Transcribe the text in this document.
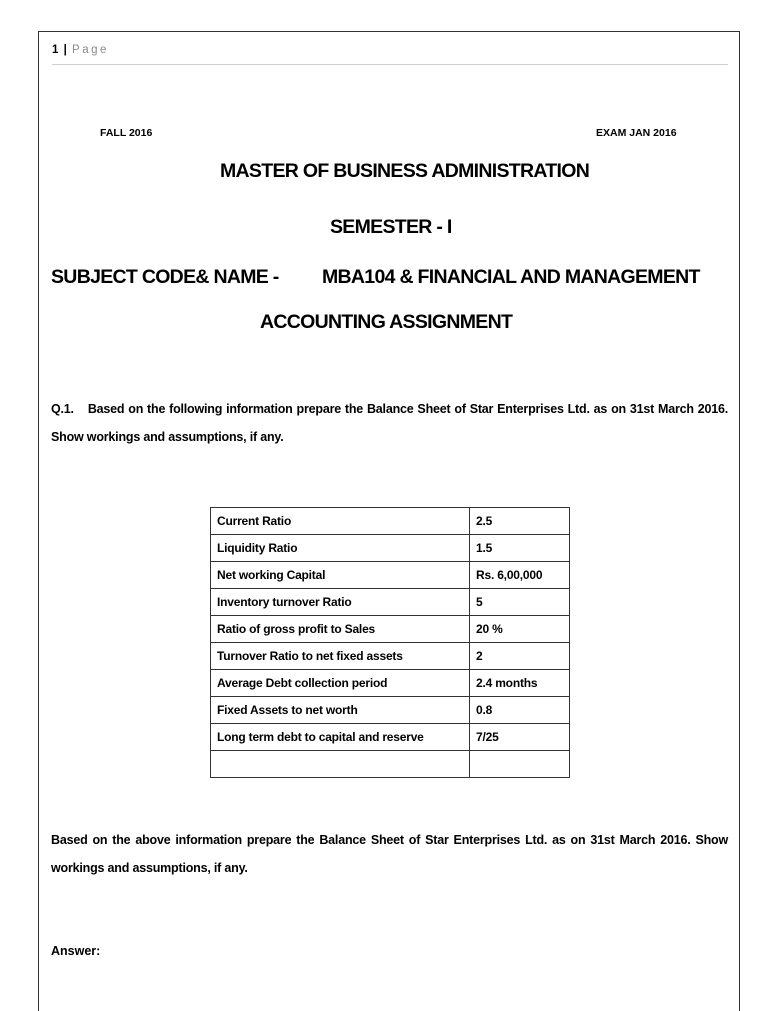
1 | Page
FALL 2016	EXAM JAN 2016
MASTER OF BUSINESS ADMINISTRATION
SEMESTER - I
SUBJECT CODE& NAME - MBA104 & FINANCIAL AND MANAGEMENT
ACCOUNTING ASSIGNMENT
Q.1. Based on the following information prepare the Balance Sheet of Star Enterprises Ltd. as on 31st March 2016. Show workings and assumptions, if any.
Current Ratio	2.5
Liquidity Ratio	1.5
Net working Capital	Rs. 6,00,000
Inventory turnover Ratio	5
Ratio of gross profit to Sales	20 %
Turnover Ratio to net fixed assets	2
Average Debt collection period	2.4 months
Fixed Assets to net worth	0.8
Long term debt to capital and reserve	7/25

Based on the above information prepare the Balance Sheet of Star Enterprises Ltd. as on 31st March 2016. Show workings and assumptions, if any.
Answer:
